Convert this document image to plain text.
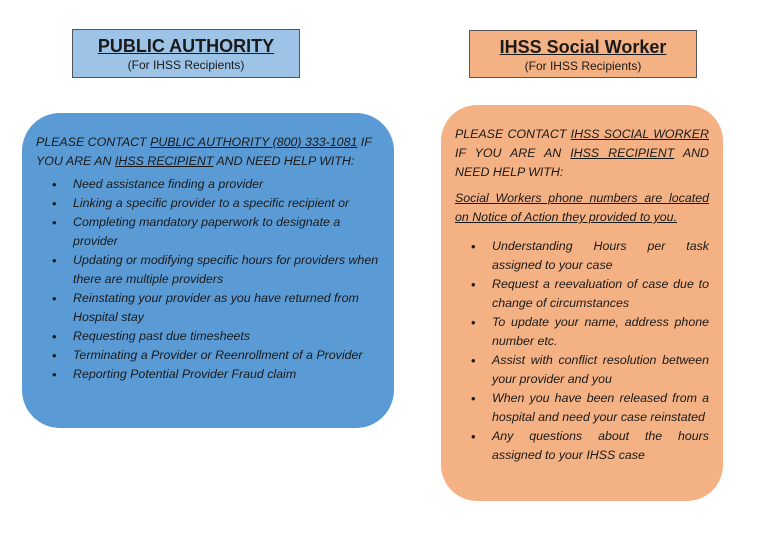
PUBLIC AUTHORITY
(For IHSS Recipients)
IHSS Social Worker
(For IHSS Recipients)

PLEASE CONTACT PUBLIC AUTHORITY (800) 333-1081 IF YOU ARE AN IHSS RECIPIENT AND NEED HELP WITH:

• Need assistance finding a provider
• Linking a specific provider to a specific recipient or
• Completing mandatory paperwork to designate a provider
• Updating or modifying specific hours for providers when there are multiple providers
• Reinstating your provider as you have returned from Hospital stay
• Requesting past due timesheets
• Terminating a Provider or Reenrollment of a Provider
• Reporting Potential Provider Fraud claim

PLEASE CONTACT IHSS SOCIAL WORKER IF YOU ARE AN IHSS RECIPIENT AND NEED HELP WITH:

Social Workers phone numbers are located on Notice of Action they provided to you.

• Understanding Hours per task assigned to your case
• Request a reevaluation of case due to change of circumstances
• To update your name, address phone number etc.
• Assist with conflict resolution between your provider and you
• When you have been released from a hospital and need your case reinstated
• Any questions about the hours assigned to your IHSS case
